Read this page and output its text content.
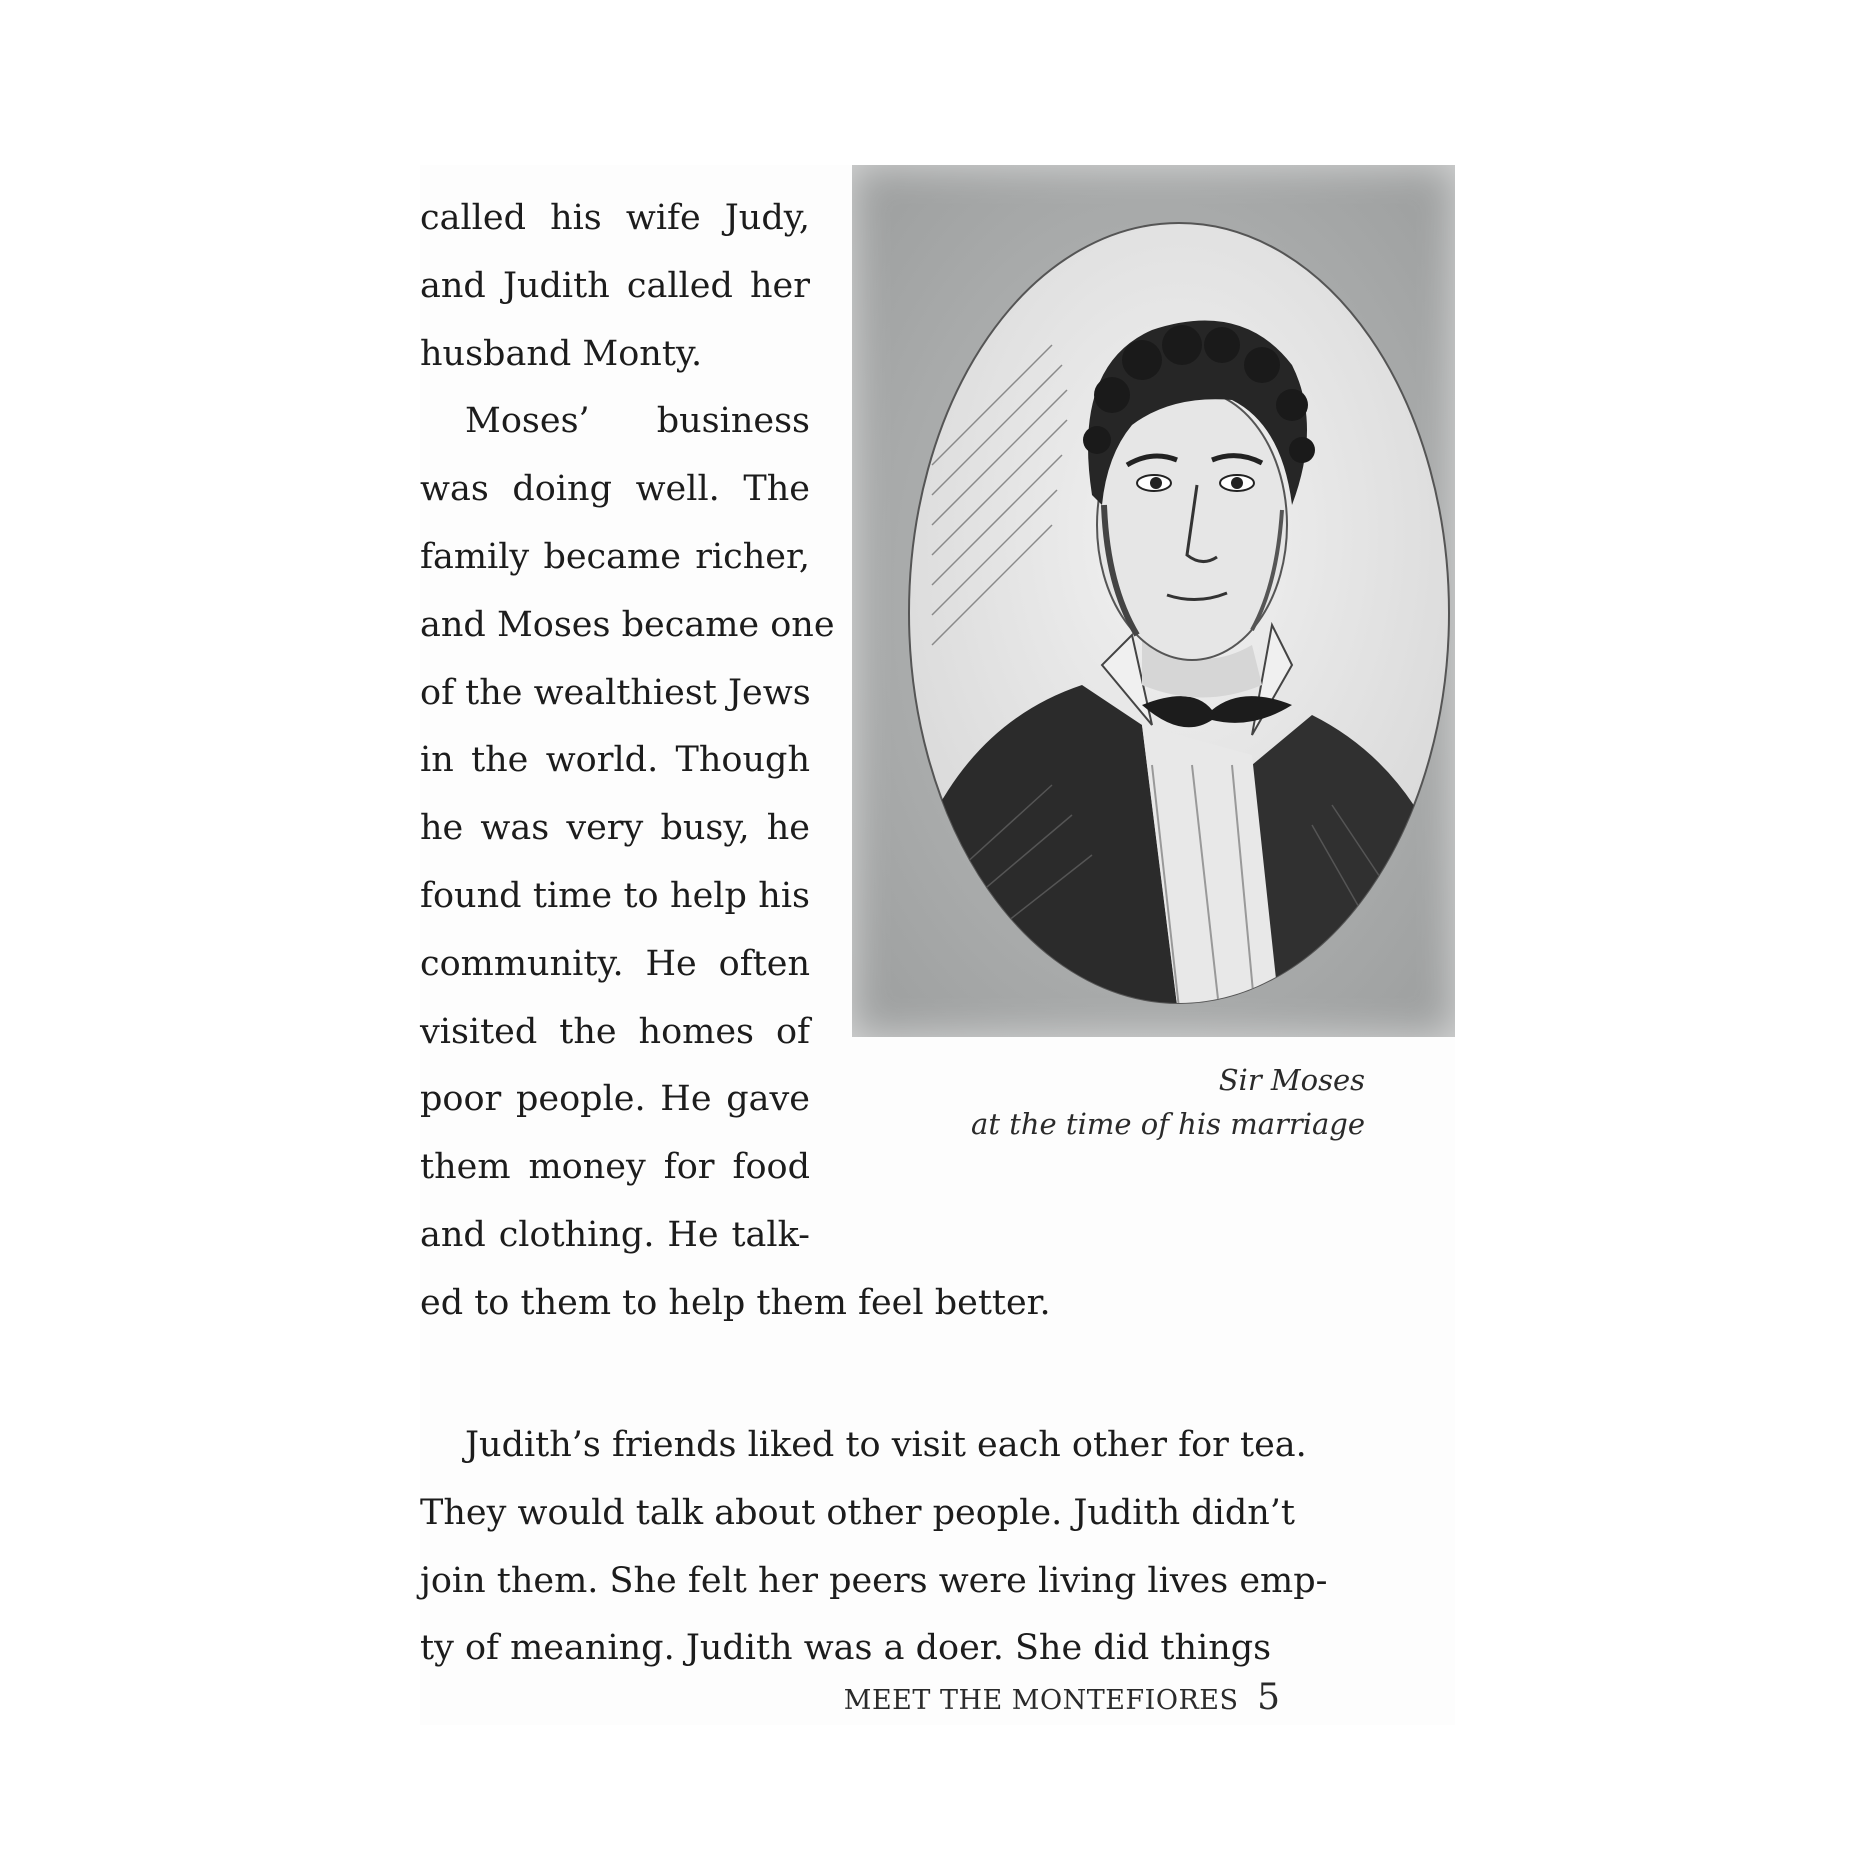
called his wife Judy,
and Judith called her
husband Monty.
Moses’ business
was doing well. The
family became richer,
and Moses became one
of the wealthiest Jews
in the world. Though
he was very busy, he
found time to help his
community. He often
visited the homes of
poor people. He gave
them money for food
and clothing. He talk-
ed to them to help them feel better.
Sir Moses
at the time of his marriage
Judith’s friends liked to visit each other for tea.
They would talk about other people. Judith didn’t
join them. She felt her peers were living lives emp-
ty of meaning. Judith was a doer. She did things
MEET THE MONTEFIORES 5
